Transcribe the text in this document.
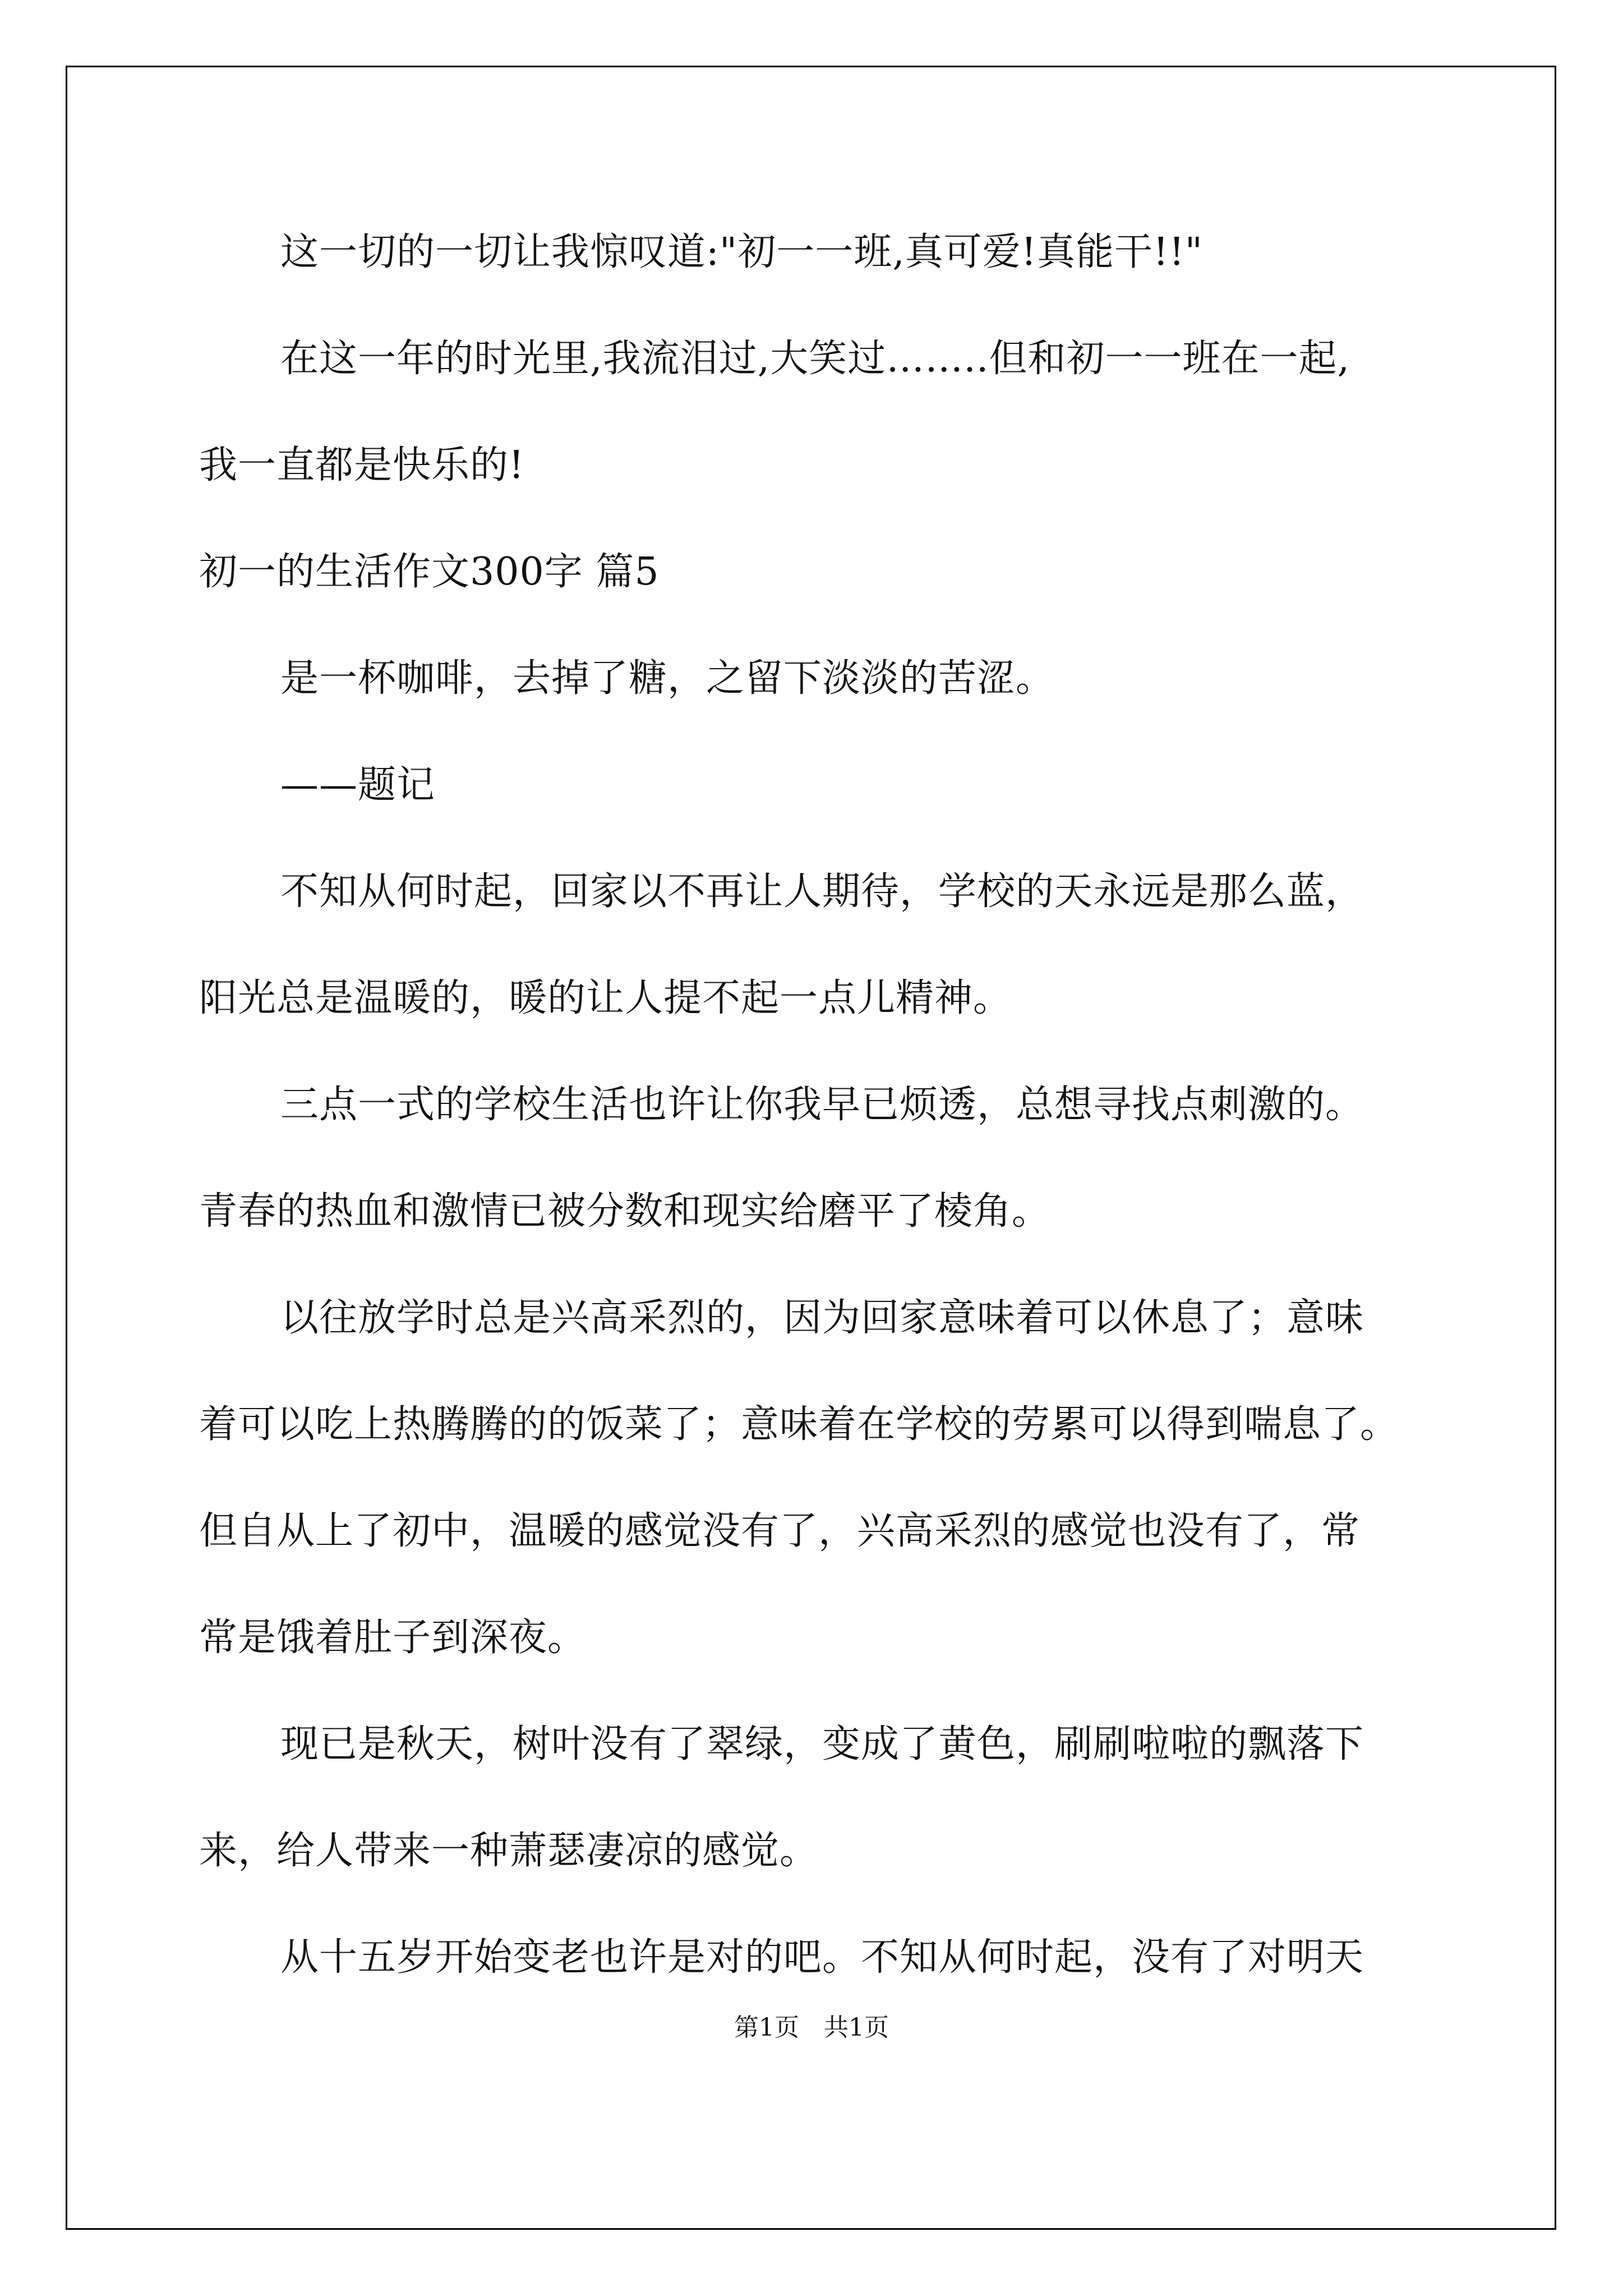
这一切的一切让我惊叹道:"初一一班,真可爱!真能干!!"
在这一年的时光里,我流泪过,大笑过……..但和初一一班在一起,
我一直都是快乐的!
初一的生活作文300字 篇5
是一杯咖啡，去掉了糖，之留下淡淡的苦涩。
——题记
不知从何时起，回家以不再让人期待，学校的天永远是那么蓝，
阳光总是温暖的，暖的让人提不起一点儿精神。
三点一式的学校生活也许让你我早已烦透，总想寻找点刺激的。
青春的热血和激情已被分数和现实给磨平了棱角。
以往放学时总是兴高采烈的，因为回家意味着可以休息了；意味
着可以吃上热腾腾的的饭菜了；意味着在学校的劳累可以得到喘息了。
但自从上了初中，温暖的感觉没有了，兴高采烈的感觉也没有了，常
常是饿着肚子到深夜。
现已是秋天，树叶没有了翠绿，变成了黄色，刷刷啦啦的飘落下
来，给人带来一种萧瑟凄凉的感觉。
从十五岁开始变老也许是对的吧。不知从何时起，没有了对明天
第1页 共1页
